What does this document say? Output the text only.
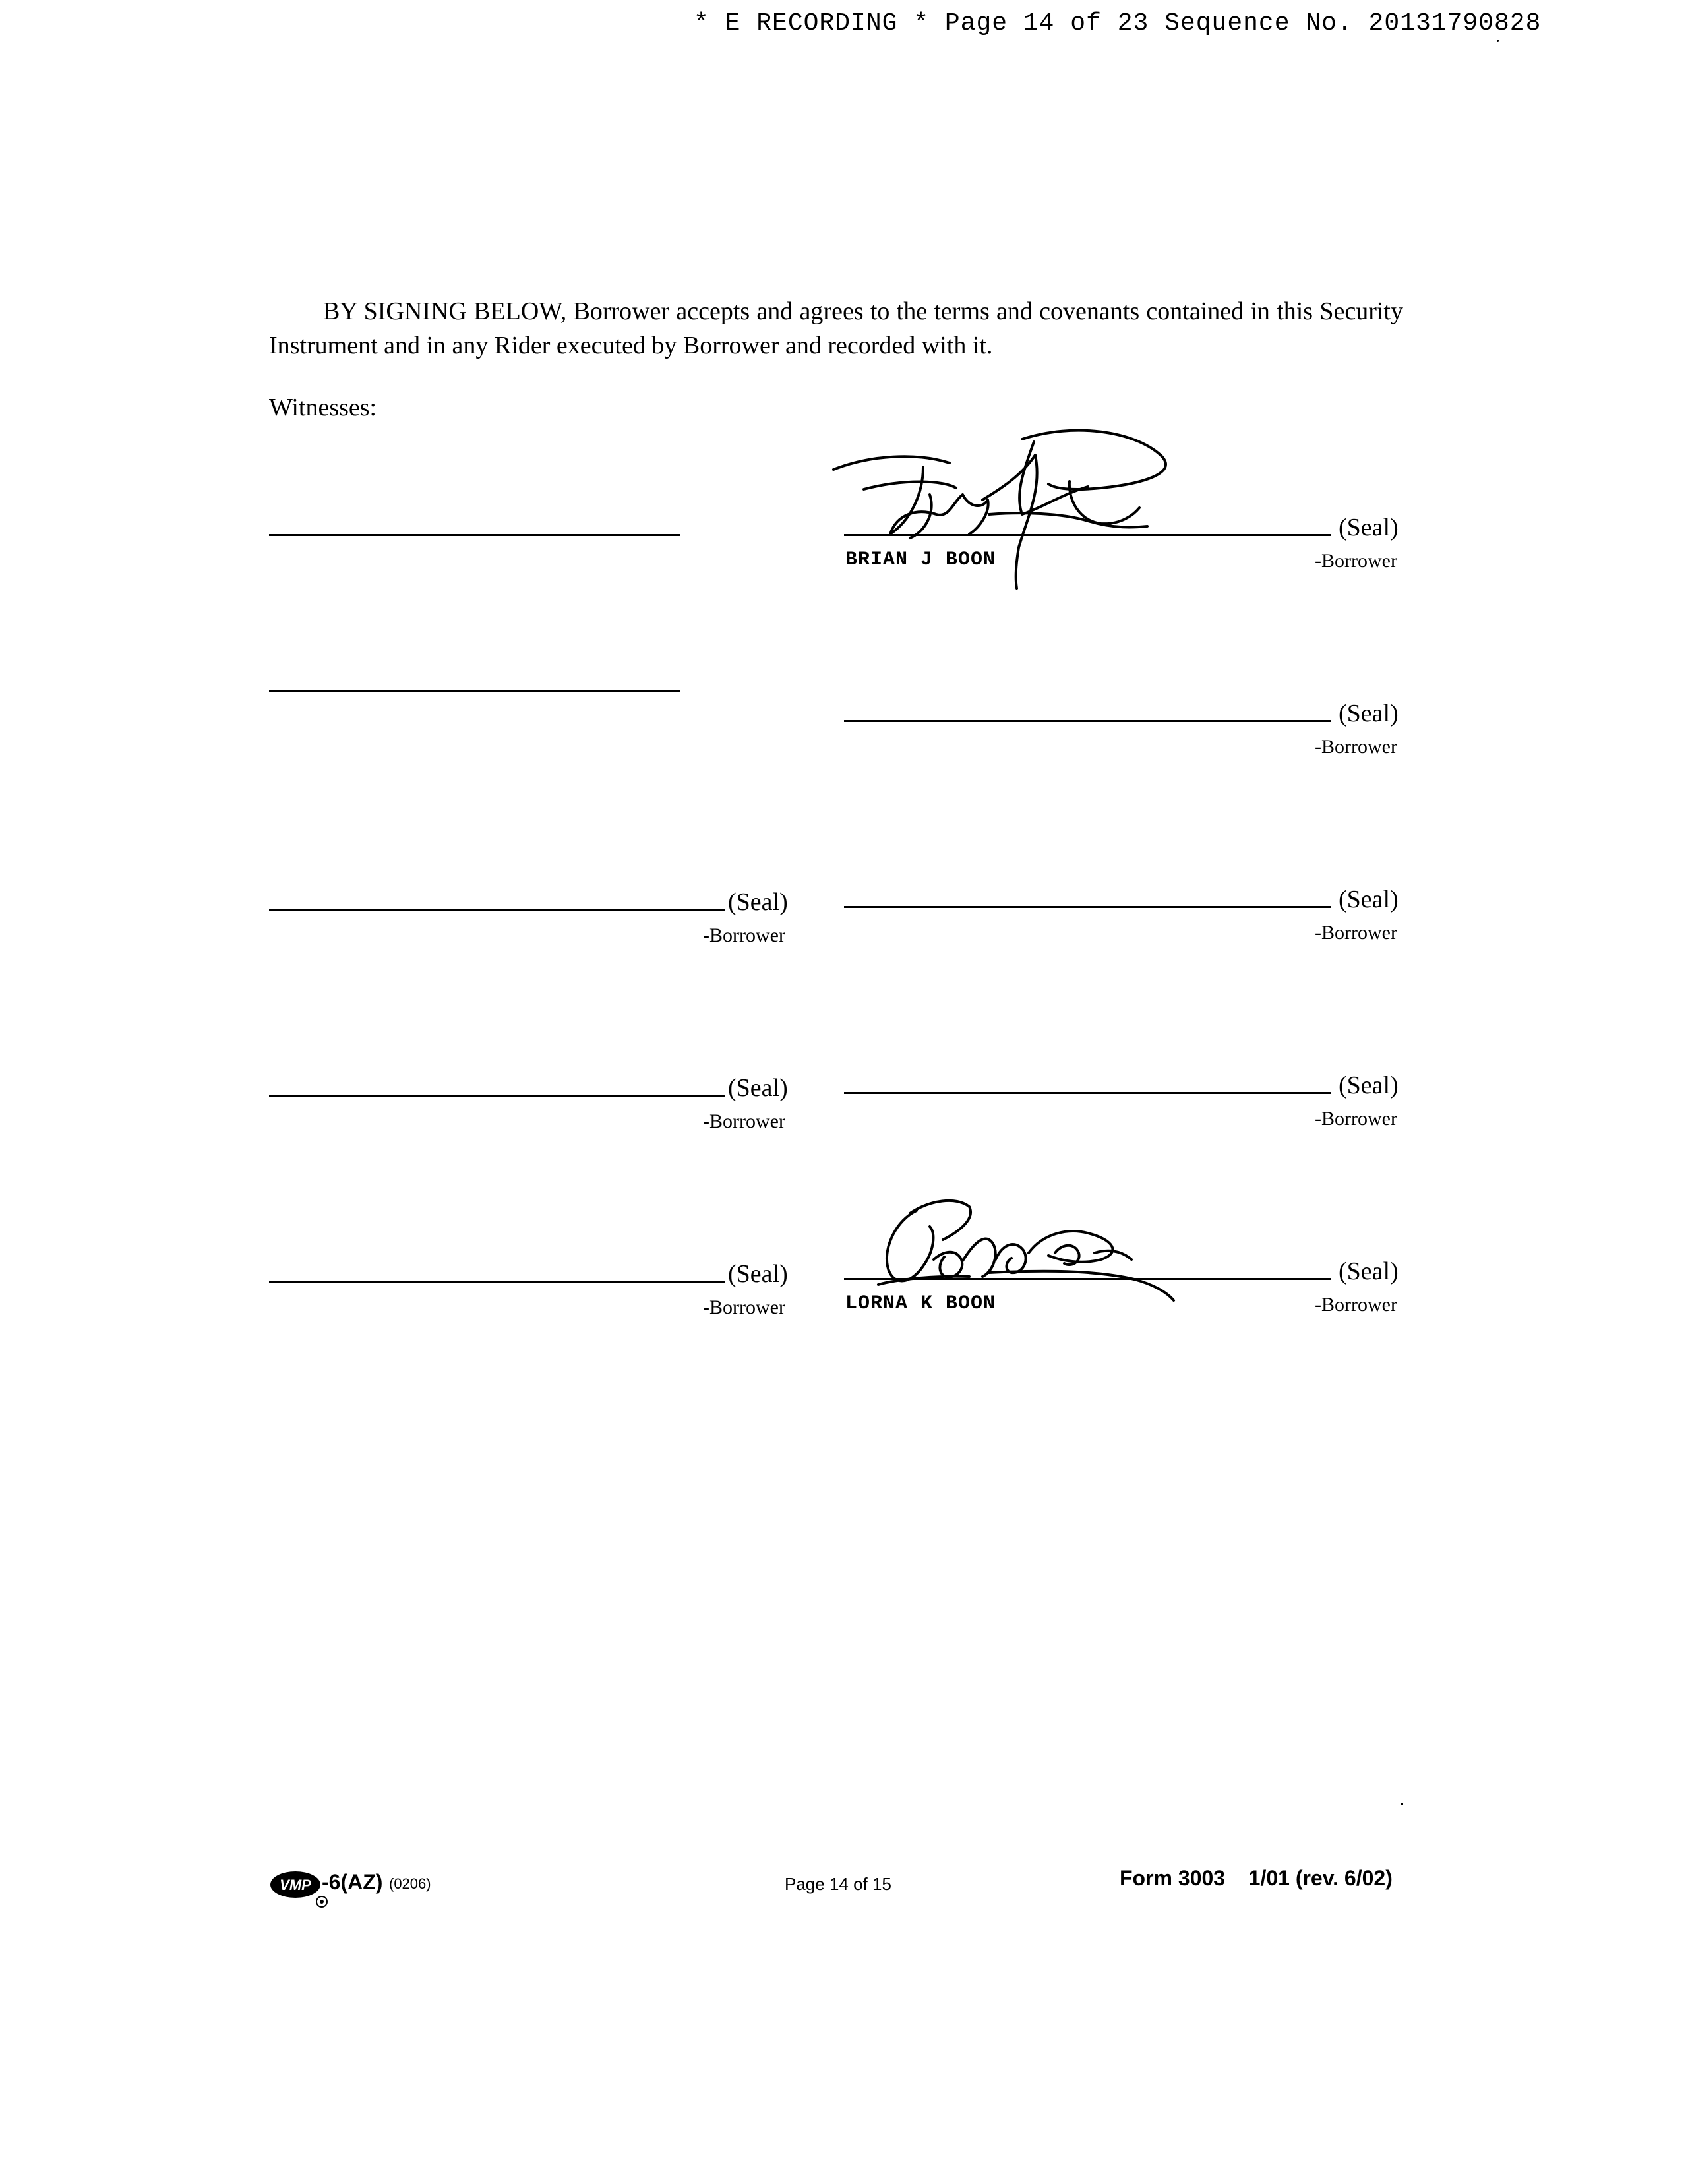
* E RECORDING * Page 14 of 23 Sequence No. 20131790828
BY SIGNING BELOW, Borrower accepts and agrees to the terms and covenants contained in this Security Instrument and in any Rider executed by Borrower and recorded with it.
Witnesses:
(Seal)
-Borrower
BRIAN J BOON
(Seal)
-Borrower
(Seal)
-Borrower
(Seal)
-Borrower
(Seal)
-Borrower
(Seal)
-Borrower
(Seal)
-Borrower
(Seal)
-Borrower
LORNA K BOON
VMP -6(AZ) (0206)	Page 14 of 15	Form 3003    1/01 (rev. 6/02)
